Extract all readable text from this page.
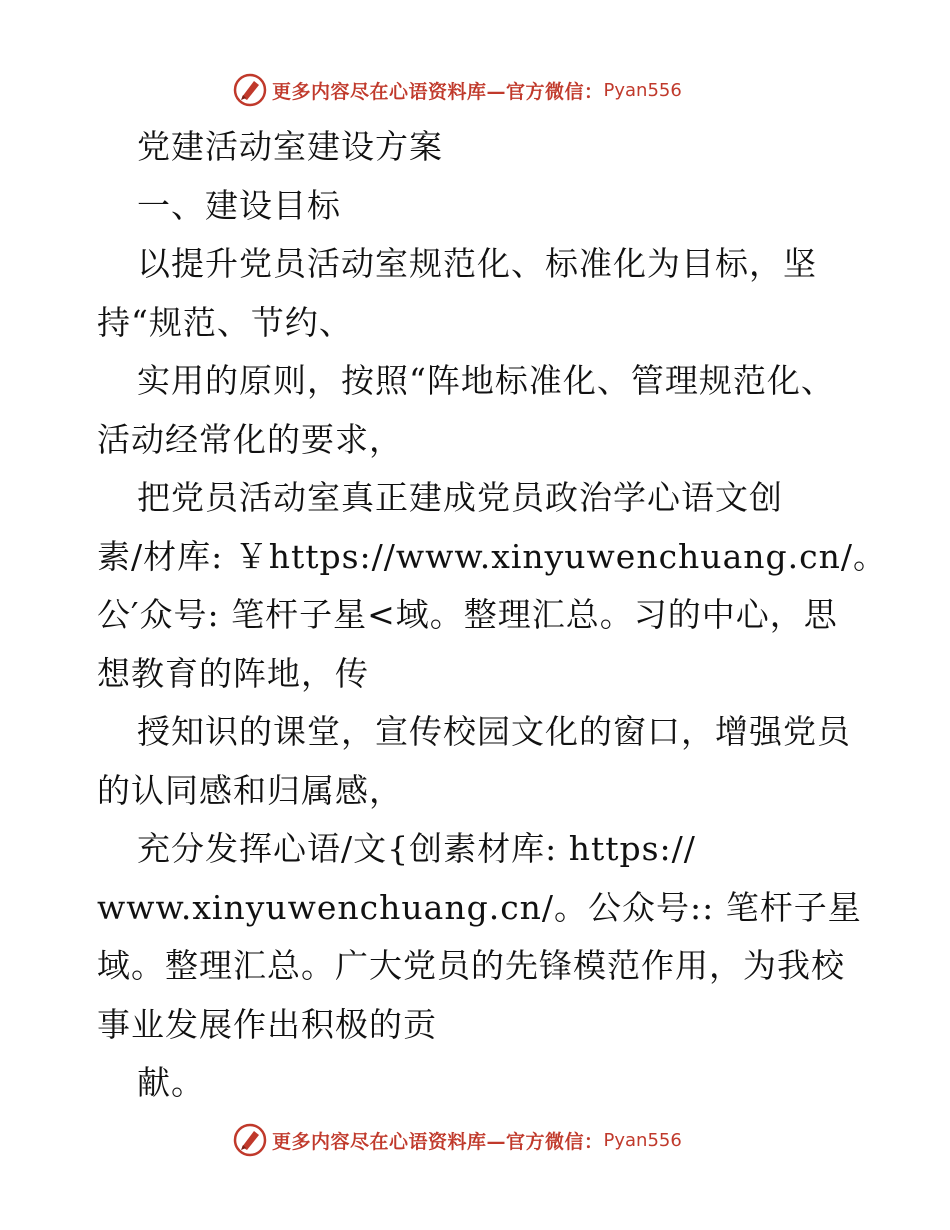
更多内容尽在心语资料库—官方微信： Pyan556
党建活动室建设方案
一、建设目标
以提升党员活动室规范化、标准化为目标，坚
持“规范、节约、
实用的原则，按照“阵地标准化、管理规范化、
活动经常化的要求，
把党员活动室真正建成党员政治学心语文创
素/材库: ￥https://www.xinyuwenchuang.cn/。
公′众号: 笔杆子星<域。整理汇总。习的中心，思
想教育的阵地，传
授知识的课堂，宣传校园文化的窗口，增强党员
的认同感和归属感，
充分发挥心语/文{创素材库: https://
www.xinyuwenchuang.cn/。公众号:: 笔杆子星
域。整理汇总。广大党员的先锋模范作用，为我校
事业发展作出积极的贡
献。
更多内容尽在心语资料库—官方微信： Pyan556
